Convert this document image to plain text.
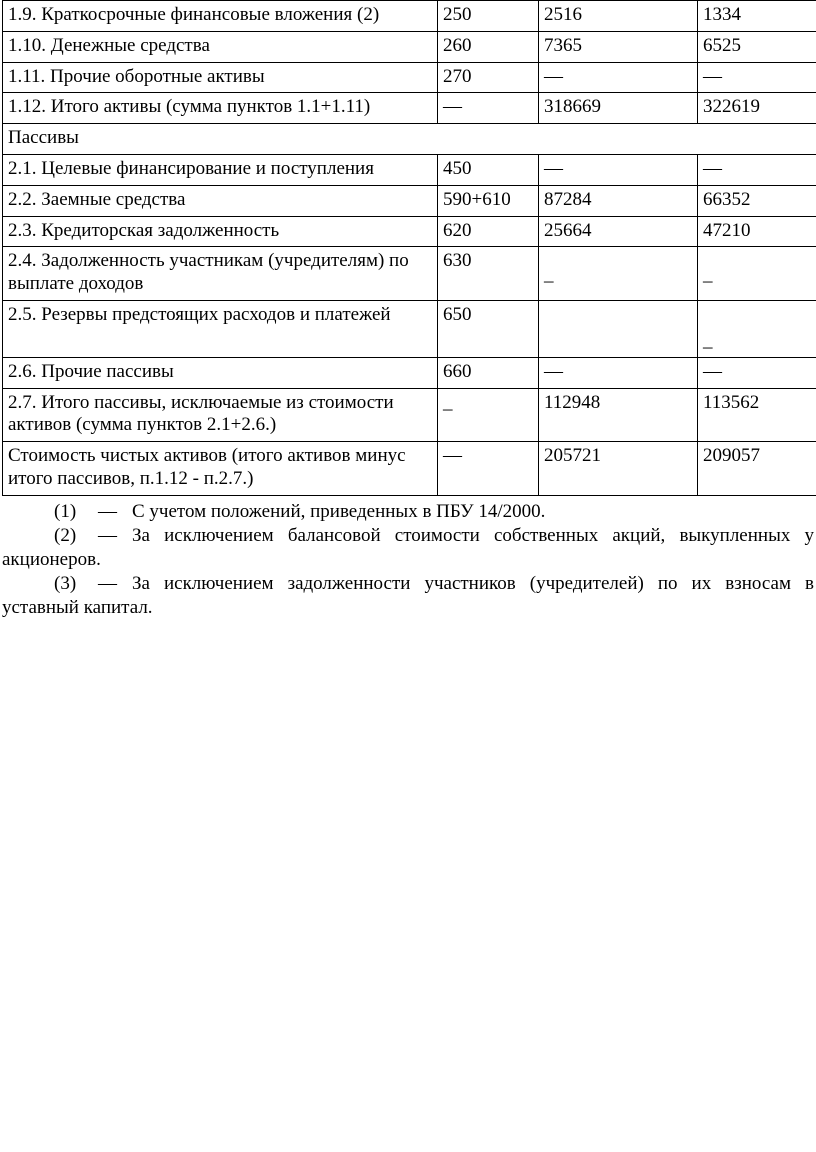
1.9. Краткосрочные финансовые вложения (2)	250	2516	1334
1.10. Денежные средства	260	7365	6525
1.11. Прочие оборотные активы	270	—	—
1.12. Итого активы (сумма пунктов 1.1+1.11)	—	318669	322619
Пассивы			
2.1. Целевые финансирование и поступления	450	—	—
2.2. Заемные средства	590+610	87284	66352
2.3. Кредиторская задолженность	620	25664	47210
2.4. Задолженность участникам (учредителям) по выплате доходов	630	_	_

2.5. Резервы предстоящих расходов и платежей	650		_

2.6. Прочие пассивы	660	—	—
2.7. Итого пассивы, исключаемые из стоимости активов (сумма пунктов 2.1+2.6.)	_	112948	113562
Стоимость чистых активов (итого активов минус итого пассивов, п.1.12 - п.2.7.)	—	205721	209057

(1) — С учетом положений, приведенных в ПБУ 14/2000.

(2) — За исключением балансовой стоимости собственных акций, выкупленных у акционеров.

(3) — За исключением задолженности участников (учредителей) по их взносам в уставный капитал.
